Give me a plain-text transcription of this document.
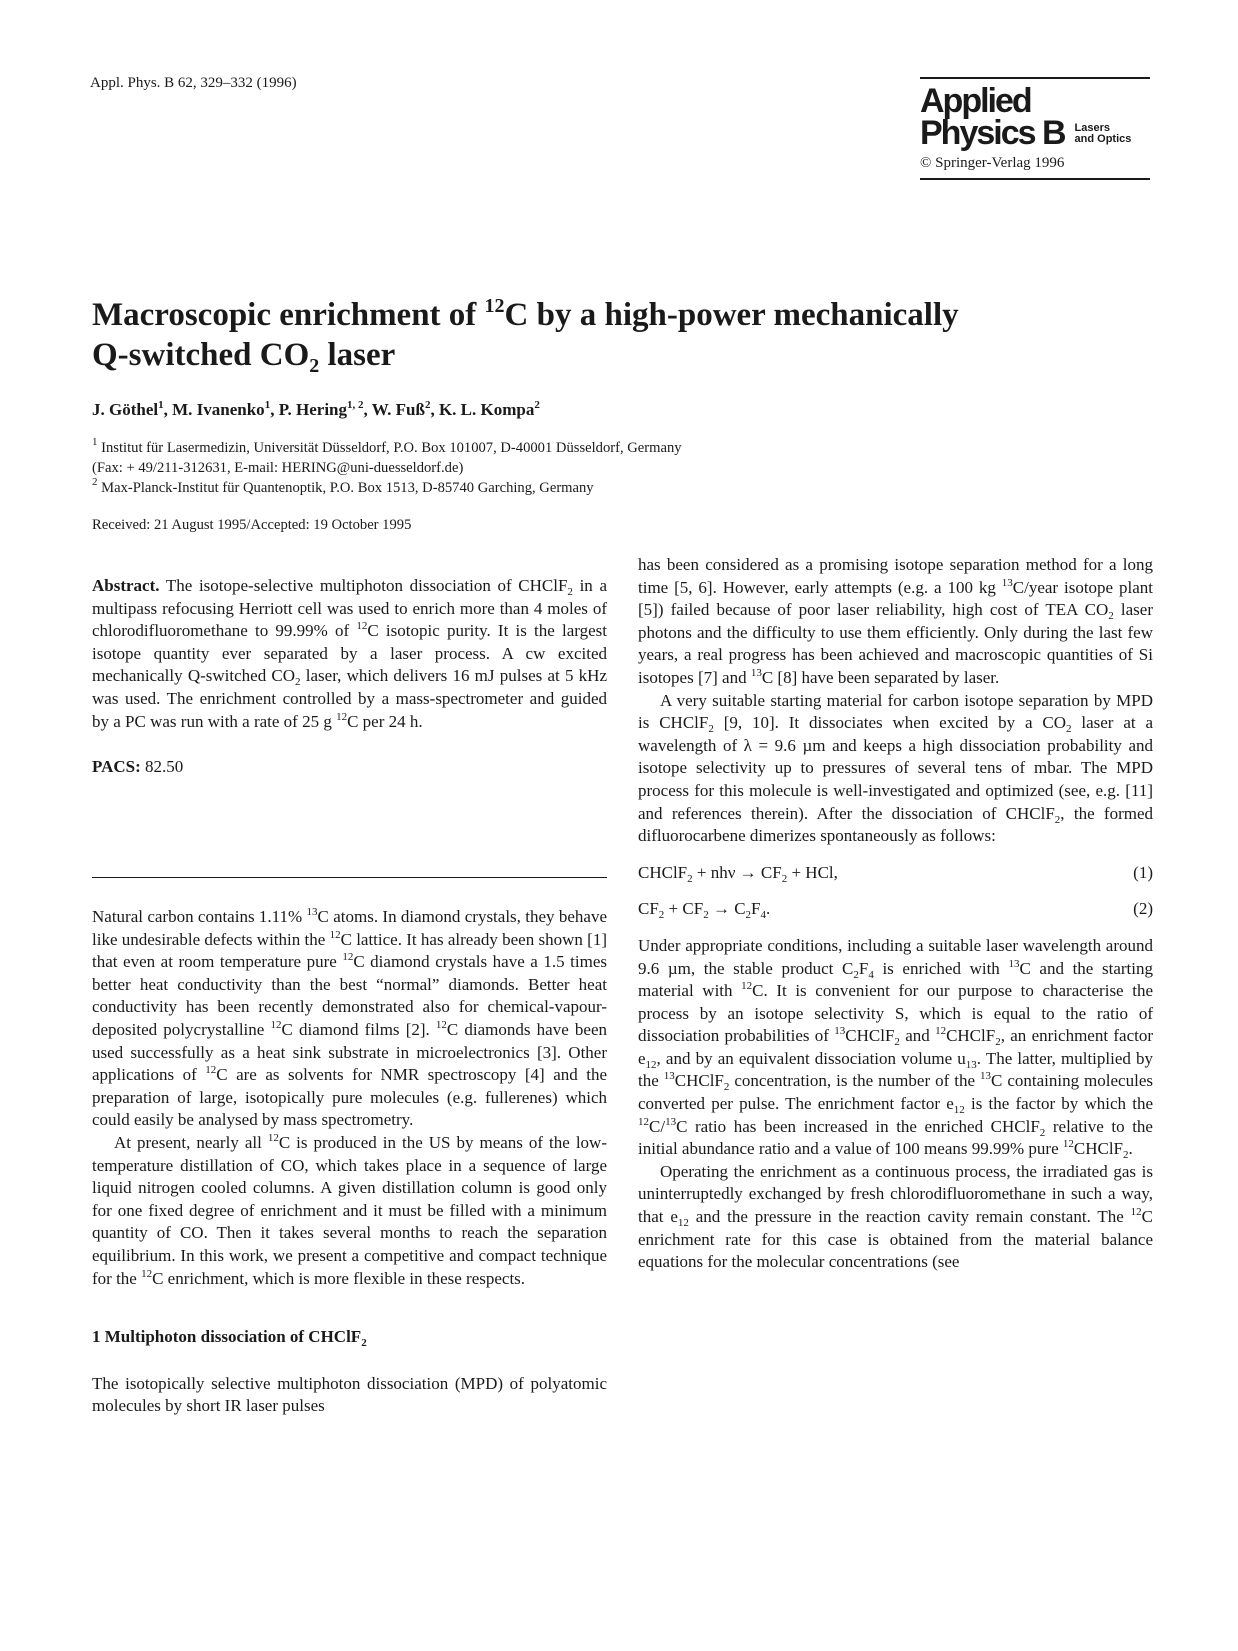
Appl. Phys. B 62, 329–332 (1996)	Applied
Physics B Lasers
and Optics
© Springer-Verlag 1996
Macroscopic enrichment of $^{12}$C by a high-power mechanically
Q-switched $CO_2$ laser
J. Göthel$^1$, M. Ivanenko$^1$, P. Hering$^{1, 2}$, W. Fuß$^2$, K. L. Kompa$^2$
$^1$ Institut für Lasermedizin, Universität Düsseldorf, P.O. Box 101007, D-40001 Düsseldorf, Germany
(Fax: + 49/211-312631, E-mail: HERING@uni-duesseldorf.de)
$^2$ Max-Planck-Institut für Quantenoptik, P.O. Box 1513, D-85740 Garching, Germany
Received: 21 August 1995/Accepted: 19 October 1995

Abstract. The isotope-selective multiphoton dissociation of CHClF$_2$ in a multipass refocusing Herriott cell was used to enrich more than 4 moles of chlorodifluoromethane to 99.99% of $^{12}$C isotopic purity. It is the largest isotope quantity ever separated by a laser process. A cw excited mechanically Q-switched $CO_2$ laser, which delivers 16 mJ pulses at 5 kHz was used. The enrichment controlled by a mass-spectrometer and guided by a PC was run with a rate of 25 g $^{12}$C per 24 h.

PACS: 82.50

Natural carbon contains 1.11% $^{13}$C atoms. In diamond crystals, they behave like undesirable defects within the $^{12}$C lattice. It has already been shown [1] that even at room temperature pure $^{12}$C diamond crystals have a 1.5 times better heat conductivity than the best “normal” diamonds. Better heat conductivity has been recently demonstrated also for chemical-vapour-deposited polycrystalline $^{12}$C diamond films [2]. $^{12}$C diamonds have been used successfully as a heat sink substrate in microelectronics [3]. Other applications of $^{12}$C are as solvents for NMR spectroscopy [4] and the preparation of large, isotopically pure molecules (e.g. fullerenes) which could easily be analysed by mass spectrometry.

At present, nearly all $^{12}$C is produced in the US by means of the low-temperature distillation of CO, which takes place in a sequence of large liquid nitrogen cooled columns. A given distillation column is good only for one fixed degree of enrichment and it must be filled with a minimum quantity of CO. Then it takes several months to reach the separation equilibrium. In this work, we present a competitive and compact technique for the $^{12}$C enrichment, which is more flexible in these respects.

1 Multiphoton dissociation of CHClF$_2$

The isotopically selective multiphoton dissociation (MPD) of polyatomic molecules by short IR laser pulses

has been considered as a promising isotope separation method for a long time [5, 6]. However, early attempts (e.g. a 100 kg $^{13}$C/year isotope plant [5]) failed because of poor laser reliability, high cost of TEA $CO_2$ laser photons and the difficulty to use them efficiently. Only during the last few years, a real progress has been achieved and macroscopic quantities of Si isotopes [7] and $^{13}$C [8] have been separated by laser.

A very suitable starting material for carbon isotope separation by MPD is CHClF$_2$ [9, 10]. It dissociates when excited by a $CO_2$ laser at a wavelength of λ = 9.6 µm and keeps a high dissociation probability and isotope selectivity up to pressures of several tens of mbar. The MPD process for this molecule is well-investigated and optimized (see, e.g. [11] and references therein). After the dissociation of CHClF$_2$, the formed difluorocarbene dimerizes spontaneously as follows:

CHClF$_2$ + $nh\nu \to CF_2$ + HCl,	(1)
$CF_2 + CF_2 \to C_2F_4$.	(2)

Under appropriate conditions, including a suitable laser wavelength around 9.6 µm, the stable product $C_2F_4$ is enriched with $^{13}$C and the starting material with $^{12}$C. It is convenient for our purpose to characterise the process by an isotope selectivity S, which is equal to the ratio of dissociation probabilities of $^{13}$CHClF$_2$ and $^{12}$CHClF$_2$, an enrichment factor $e_{12}$, and by an equivalent dissociation volume $u_{13}$. The latter, multiplied by the $^{13}$CHClF$_2$ concentration, is the number of the $^{13}$C containing molecules converted per pulse. The enrichment factor $e_{12}$ is the factor by which the $^{12}$C/$^{13}$C ratio has been increased in the enriched CHClF$_2$ relative to the initial abundance ratio and a value of 100 means 99.99% pure $^{12}$CHClF$_2$.

Operating the enrichment as a continuous process, the irradiated gas is uninterruptedly exchanged by fresh chlorodifluoromethane in such a way, that $e_{12}$ and the pressure in the reaction cavity remain constant. The $^{12}$C enrichment rate for this case is obtained from the material balance equations for the molecular concentrations (see
